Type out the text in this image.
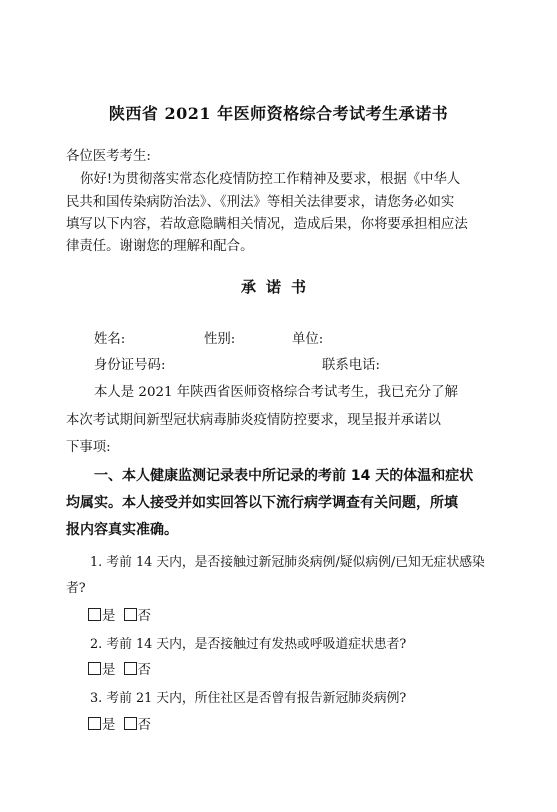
陕西省 2021 年医师资格综合考试考生承诺书
各位医考考生:
你好!为贯彻落实常态化疫情防控工作精神及要求，根据《中华人
民共和国传染病防治法》、《刑法》等相关法律要求，请您务必如实
填写以下内容，若故意隐瞒相关情况，造成后果，你将要承担相应法
律责任。谢谢您的理解和配合。
承诺书
姓名:	性别:	单位:
身份证号码:	联系电话:
本人是 2021 年陕西省医师资格综合考试考生，我已充分了解
本次考试期间新型冠状病毒肺炎疫情防控要求，现呈报并承诺以
下事项:
一、本人健康监测记录表中所记录的考前 14 天的体温和症状
均属实。本人接受并如实回答以下流行病学调查有关问题，所填
报内容真实准确。
1. 考前 14 天内，是否接触过新冠肺炎病例/疑似病例/已知无症状感染
者?
是 否
2. 考前 14 天内，是否接触过有发热或呼吸道症状患者?
是 否
3. 考前 21 天内，所住社区是否曾有报告新冠肺炎病例?
是 否
